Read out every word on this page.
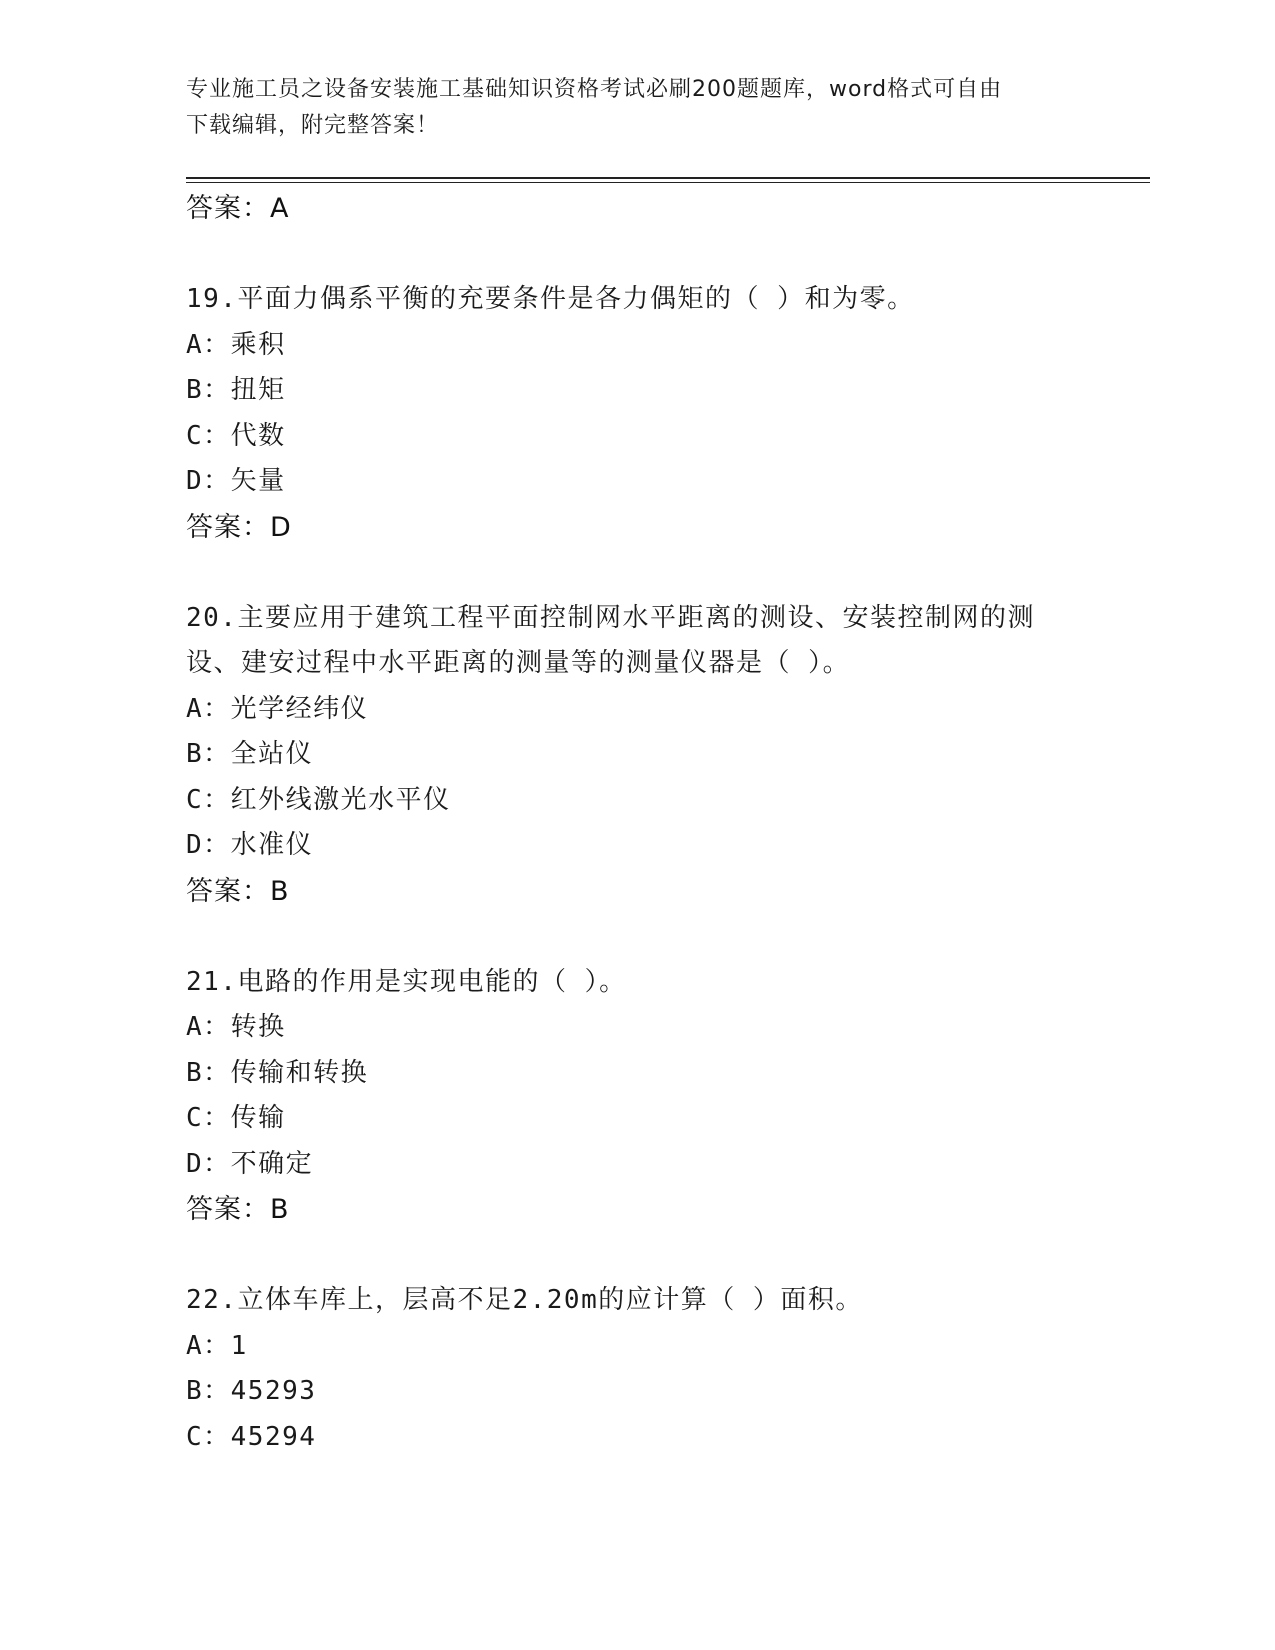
专业施工员之设备安装施工基础知识资格考试必刷200题题库，word格式可自由
下载编辑，附完整答案！
答案：A
19.平面力偶系平衡的充要条件是各力偶矩的（ ）和为零。
A：乘积
B：扭矩
C：代数
D：矢量
答案：D
20.主要应用于建筑工程平面控制网水平距离的测设、安装控制网的测
设、建安过程中水平距离的测量等的测量仪器是（ ）。
A：光学经纬仪
B：全站仪
C：红外线激光水平仪
D：水准仪
答案：B
21.电路的作用是实现电能的（ ）。
A：转换
B：传输和转换
C：传输
D：不确定
答案：B
22.立体车库上，层高不足2.20m的应计算（ ）面积。
A：1
B：45293
C：45294
